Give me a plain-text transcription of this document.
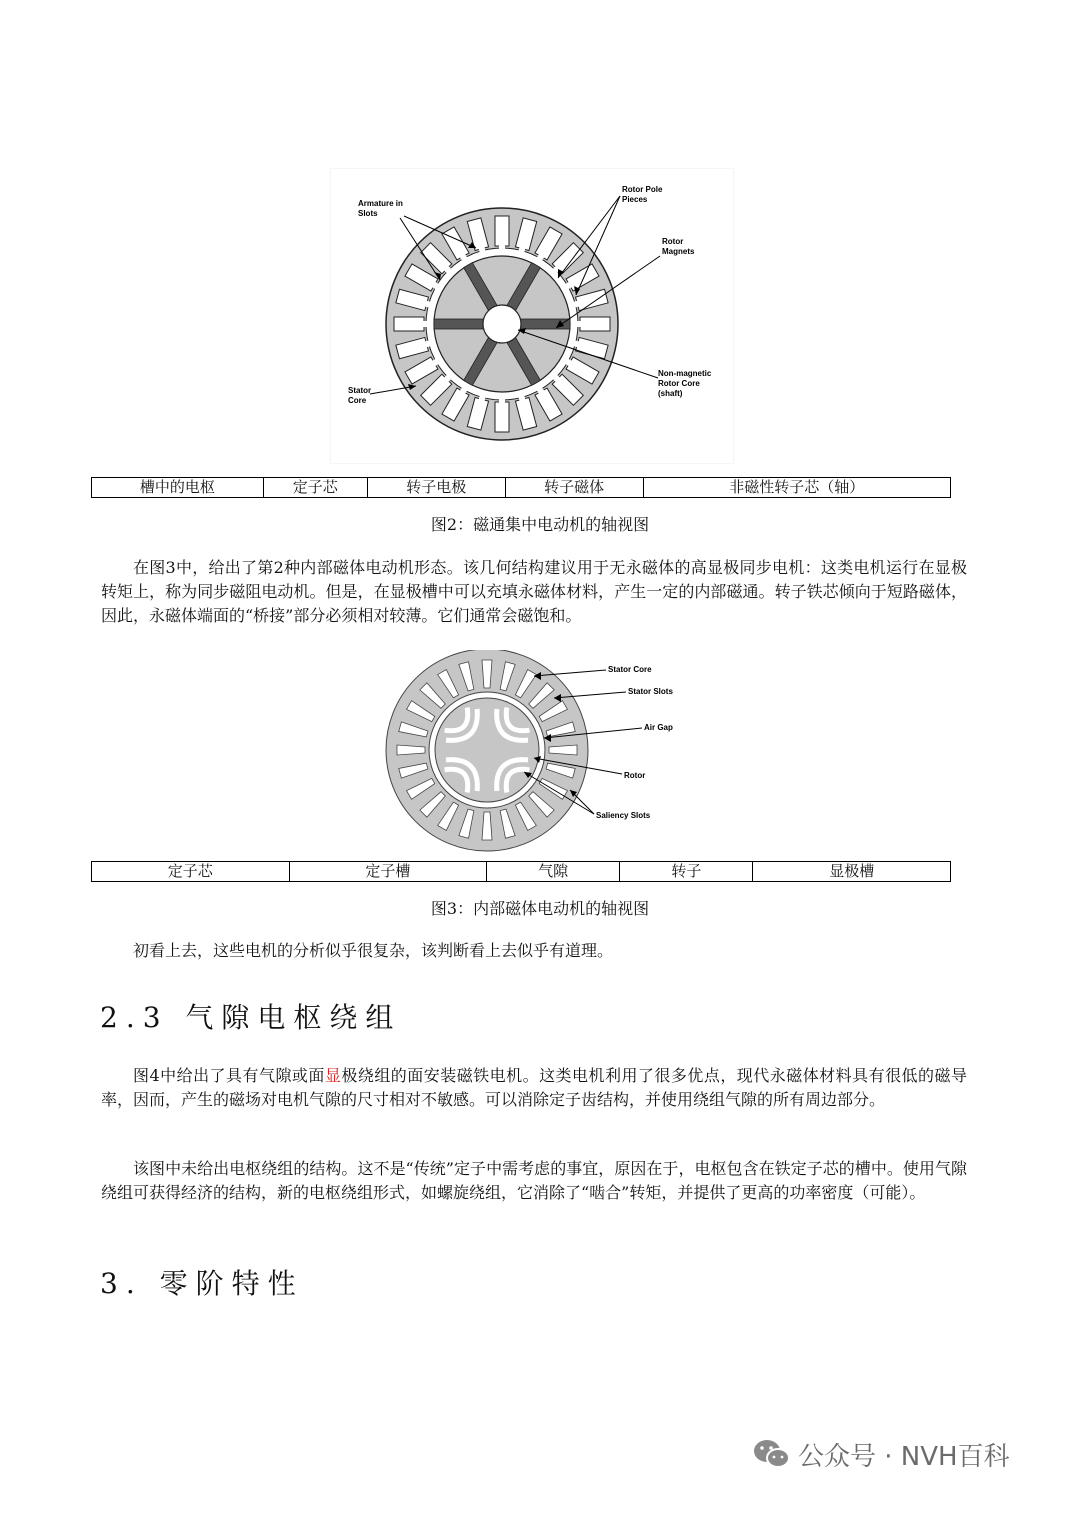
Armature in
Slots
Rotor Pole
Pieces
Rotor
Magnets
Non-magnetic
Rotor Core
(shaft)
Stator
Core
槽中的电枢	定子芯	转子电极	转子磁体	非磁性转子芯（轴）
图2：磁通集中电动机的轴视图

在图3中，给出了第2种内部磁体电动机形态。该几何结构建议用于无永磁体的高显极同步电机：这类电机运行在显极转矩上，称为同步磁阻电动机。但是，在显极槽中可以充填永磁体材料，产生一定的内部磁通。转子铁芯倾向于短路磁体，因此，永磁体端面的“桥接”部分必须相对较薄。它们通常会磁饱和。

Stator Core
Stator Slots
Air Gap
Rotor
Saliency Slots
定子芯	定子槽	气隙	转子	显极槽
图3：内部磁体电动机的轴视图

初看上去，这些电机的分析似乎很复杂，该判断看上去似乎有道理。

2.3 气隙电枢绕组

图4中给出了具有气隙或面显极绕组的面安装磁铁电机。这类电机利用了很多优点，现代永磁体材料具有很低的磁导率，因而，产生的磁场对电机气隙的尺寸相对不敏感。可以消除定子齿结构，并使用绕组气隙的所有周边部分。

该图中未给出电枢绕组的结构。这不是“传统”定子中需考虑的事宜，原因在于，电枢包含在铁定子芯的槽中。使用气隙绕组可获得经济的结构，新的电枢绕组形式，如螺旋绕组，它消除了“啮合”转矩，并提供了更高的功率密度（可能）。

3. 零阶特性
公众号 · NVH百科
